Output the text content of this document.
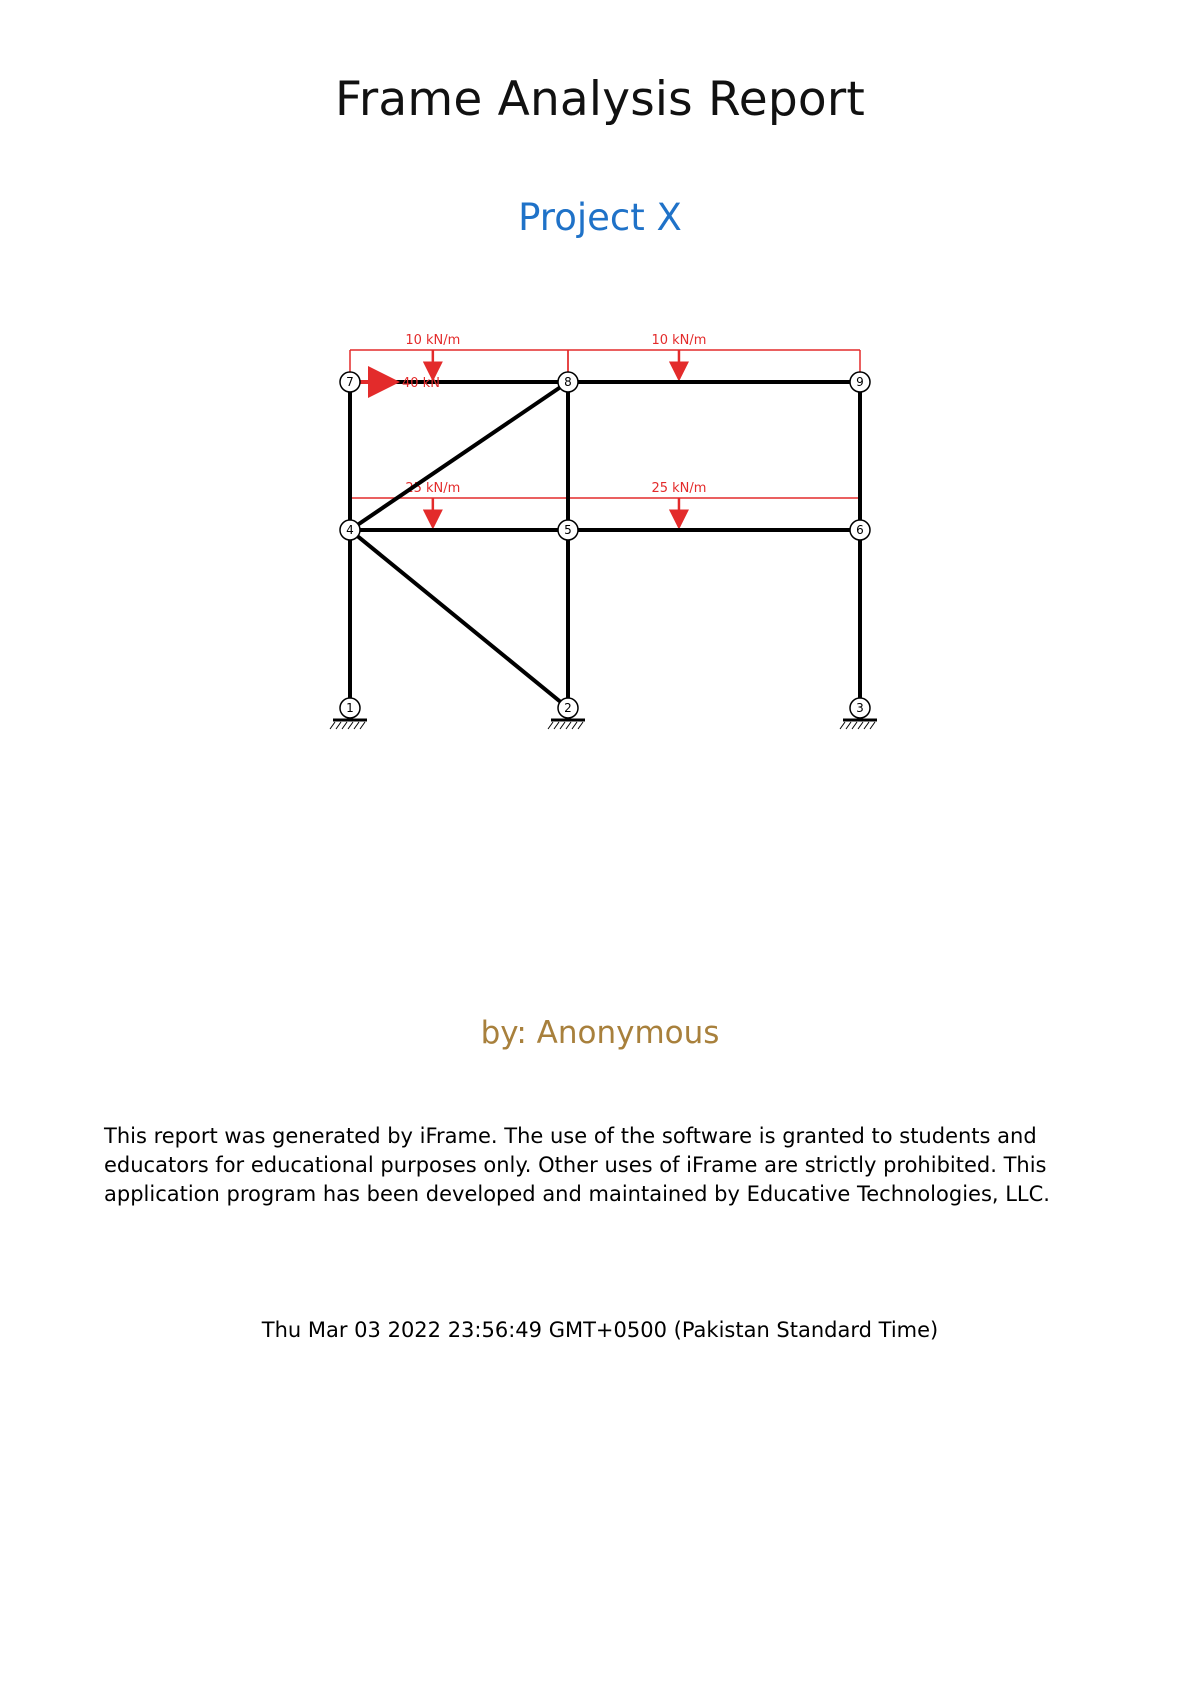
Frame Analysis Report
Project X
10 kN/m	10 kN/m
25 kN/m	25 kN/m
40 kN
1	2	3
4	5	6
7	8	9
by: Anonymous
This report was generated by iFrame. The use of the software is granted to students and
educators for educational purposes only. Other uses of iFrame are strictly prohibited. This
application program has been developed and maintained by Educative Technologies, LLC.
Thu Mar 03 2022 23:56:49 GMT+0500 (Pakistan Standard Time)
